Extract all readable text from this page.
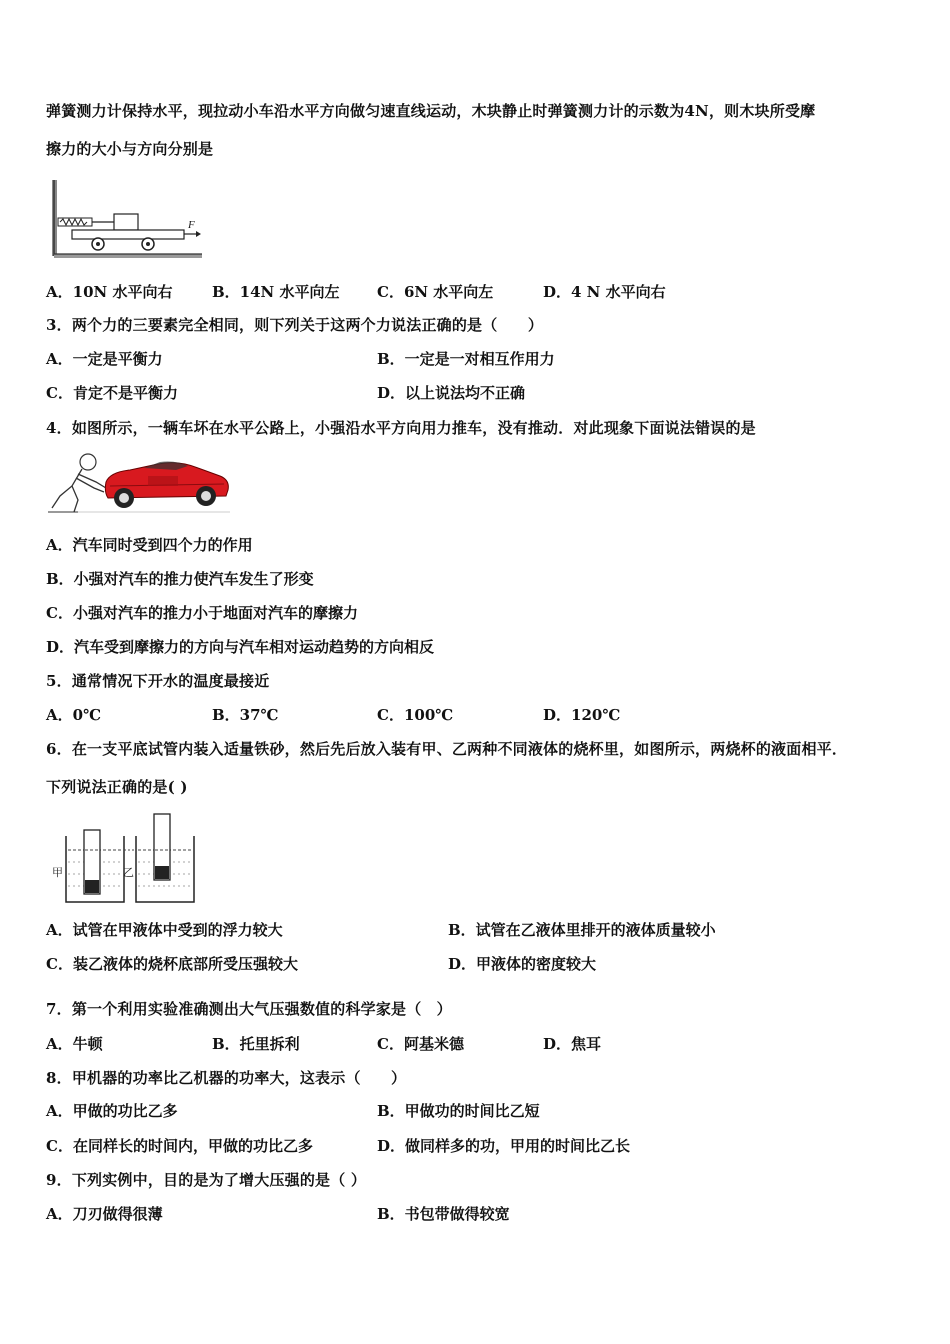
弹簧测力计保持水平，现拉动小车沿水平方向做匀速直线运动，木块静止时弹簧测力计的示数为4N，则木块所受摩
擦力的大小与方向分别是
F
A．10N 水平向右	B．14N 水平向左	C．6N 水平向左	D．4 N 水平向右
3．两个力的三要素完全相同，则下列关于这两个力说法正确的是（　　）
A．一定是平衡力	B．一定是一对相互作用力
C．肯定不是平衡力	D．以上说法均不正确
4．如图所示，一辆车坏在水平公路上，小强沿水平方向用力推车，没有推动．对此现象下面说法错误的是
A．汽车同时受到四个力的作用
B．小强对汽车的推力使汽车发生了形变
C．小强对汽车的推力小于地面对汽车的摩擦力
D．汽车受到摩擦力的方向与汽车相对运动趋势的方向相反
5．通常情况下开水的温度最接近
A．0℃	B．37℃	C．100℃	D．120℃
6．在一支平底试管内装入适量铁砂，然后先后放入装有甲、乙两种不同液体的烧杯里，如图所示，两烧杯的液面相平．
下列说法正确的是( )
甲	乙
A．试管在甲液体中受到的浮力较大	B．试管在乙液体里排开的液体质量较小
C．装乙液体的烧杯底部所受压强较大	D．甲液体的密度较大
7．第一个利用实验准确测出大气压强数值的科学家是（　）
A．牛顿	B．托里拆利	C．阿基米德	D．焦耳
8．甲机器的功率比乙机器的功率大，这表示（　　）
A．甲做的功比乙多	B．甲做功的时间比乙短
C．在同样长的时间内，甲做的功比乙多	D．做同样多的功，甲用的时间比乙长
9．下列实例中，目的是为了增大压强的是（ ）
A．刀刃做得很薄	B．书包带做得较宽
